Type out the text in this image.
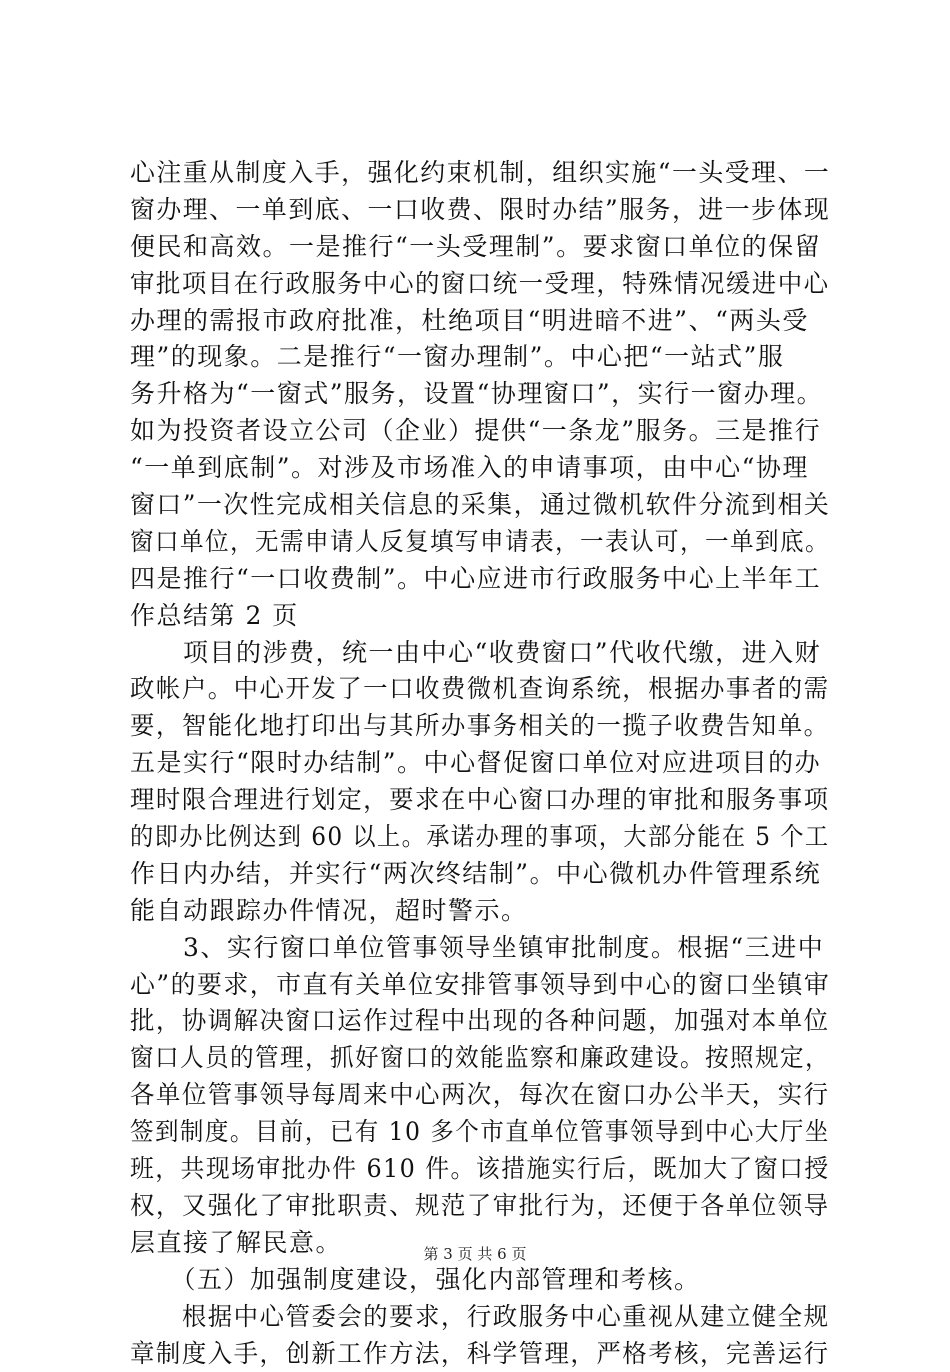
心注重从制度入手，强化约束机制，组织实施“一头受理、一
窗办理、一单到底、一口收费、限时办结”服务，进一步体现
便民和高效。一是推行“一头受理制”。要求窗口单位的保留
审批项目在行政服务中心的窗口统一受理，特殊情况缓进中心
办理的需报市政府批准，杜绝项目“明进暗不进”、“两头受
理”的现象。二是推行“一窗办理制”。中心把“一站式”服
务升格为“一窗式”服务，设置“协理窗口”，实行一窗办理。
如为投资者设立公司（企业）提供“一条龙”服务。三是推行
“一单到底制”。对涉及市场准入的申请事项，由中心“协理
窗口”一次性完成相关信息的采集，通过微机软件分流到相关
窗口单位，无需申请人反复填写申请表，一表认可，一单到底。
四是推行“一口收费制”。中心应进市行政服务中心上半年工
作总结第 2 页
　　项目的涉费，统一由中心“收费窗口”代收代缴，进入财
政帐户。中心开发了一口收费微机查询系统，根据办事者的需
要，智能化地打印出与其所办事务相关的一揽子收费告知单。
五是实行“限时办结制”。中心督促窗口单位对应进项目的办
理时限合理进行划定，要求在中心窗口办理的审批和服务事项
的即办比例达到 60 以上。承诺办理的事项，大部分能在 5 个工
作日内办结，并实行“两次终结制”。中心微机办件管理系统
能自动跟踪办件情况，超时警示。
　　3、实行窗口单位管事领导坐镇审批制度。根据“三进中
心”的要求，市直有关单位安排管事领导到中心的窗口坐镇审
批，协调解决窗口运作过程中出现的各种问题，加强对本单位
窗口人员的管理，抓好窗口的效能监察和廉政建设。按照规定，
各单位管事领导每周来中心两次，每次在窗口办公半天，实行
签到制度。目前，已有 10 多个市直单位管事领导到中心大厅坐
班，共现场审批办件 610 件。该措施实行后，既加大了窗口授
权，又强化了审批职责、规范了审批行为，还便于各单位领导
层直接了解民意。
　　（五）加强制度建设，强化内部管理和考核。
　　根据中心管委会的要求，行政服务中心重视从建立健全规
章制度入手，创新工作方法，科学管理，严格考核，完善运行
第 3 页 共 6 页
